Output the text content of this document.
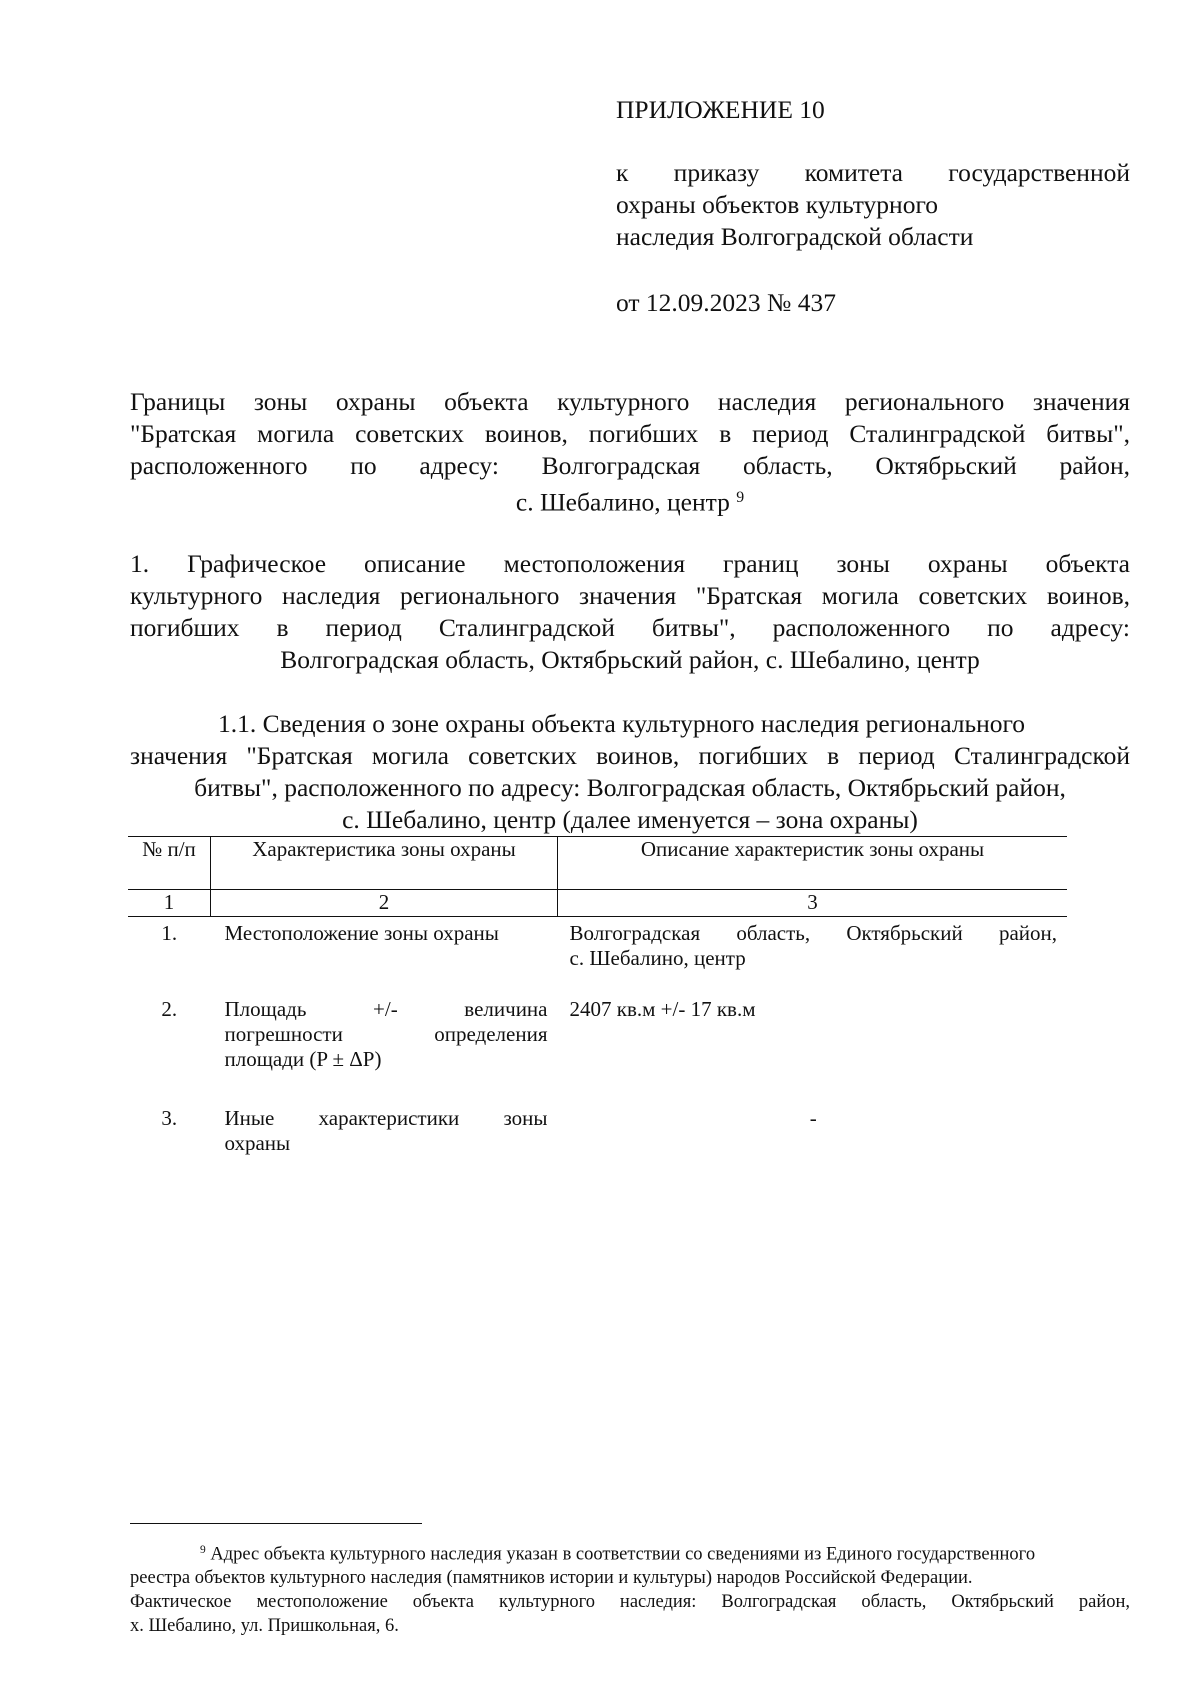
ПРИЛОЖЕНИЕ 10
к приказу комитета государственной
охраны объектов культурного
наследия Волгоградской области
от 12.09.2023 № 437
Границы зоны охраны объекта культурного наследия регионального значения
"Братская могила советских воинов, погибших в период Сталинградской битвы",
расположенного по адресу: Волгоградская область, Октябрьский район,
с. Шебалино, центр $^9$
1. Графическое описание местоположения границ зоны охраны объекта
культурного наследия регионального значения "Братская могила советских воинов,
погибших в период Сталинградской битвы", расположенного по адресу:
Волгоградская область, Октябрьский район, с. Шебалино, центр
1.1. Сведения о зоне охраны объекта культурного наследия регионального
значения "Братская могила советских воинов, погибших в период Сталинградской
битвы", расположенного по адресу: Волгоградская область, Октябрьский район,
с. Шебалино, центр (далее именуется – зона охраны)
№ п/п	Характеристика зоны охраны	Описание характеристик зоны охраны
1	2	3
1.	Местоположение зоны охраны	Волгоградская область, Октябрьский район,
с. Шебалино, центр

2.	Площадь +/- величина
погрешности определения
площади (P ± ΔP)	2407 кв.м +/- 17 кв.м

3.	Иные характеристики зоны
охраны	-
$^9$ Адрес объекта культурного наследия указан в соответствии со сведениями из Единого государственного
реестра объектов культурного наследия (памятников истории и культуры) народов Российской Федерации.
Фактическое местоположение объекта культурного наследия: Волгоградская область, Октябрьский район,
х. Шебалино, ул. Пришкольная, 6.
